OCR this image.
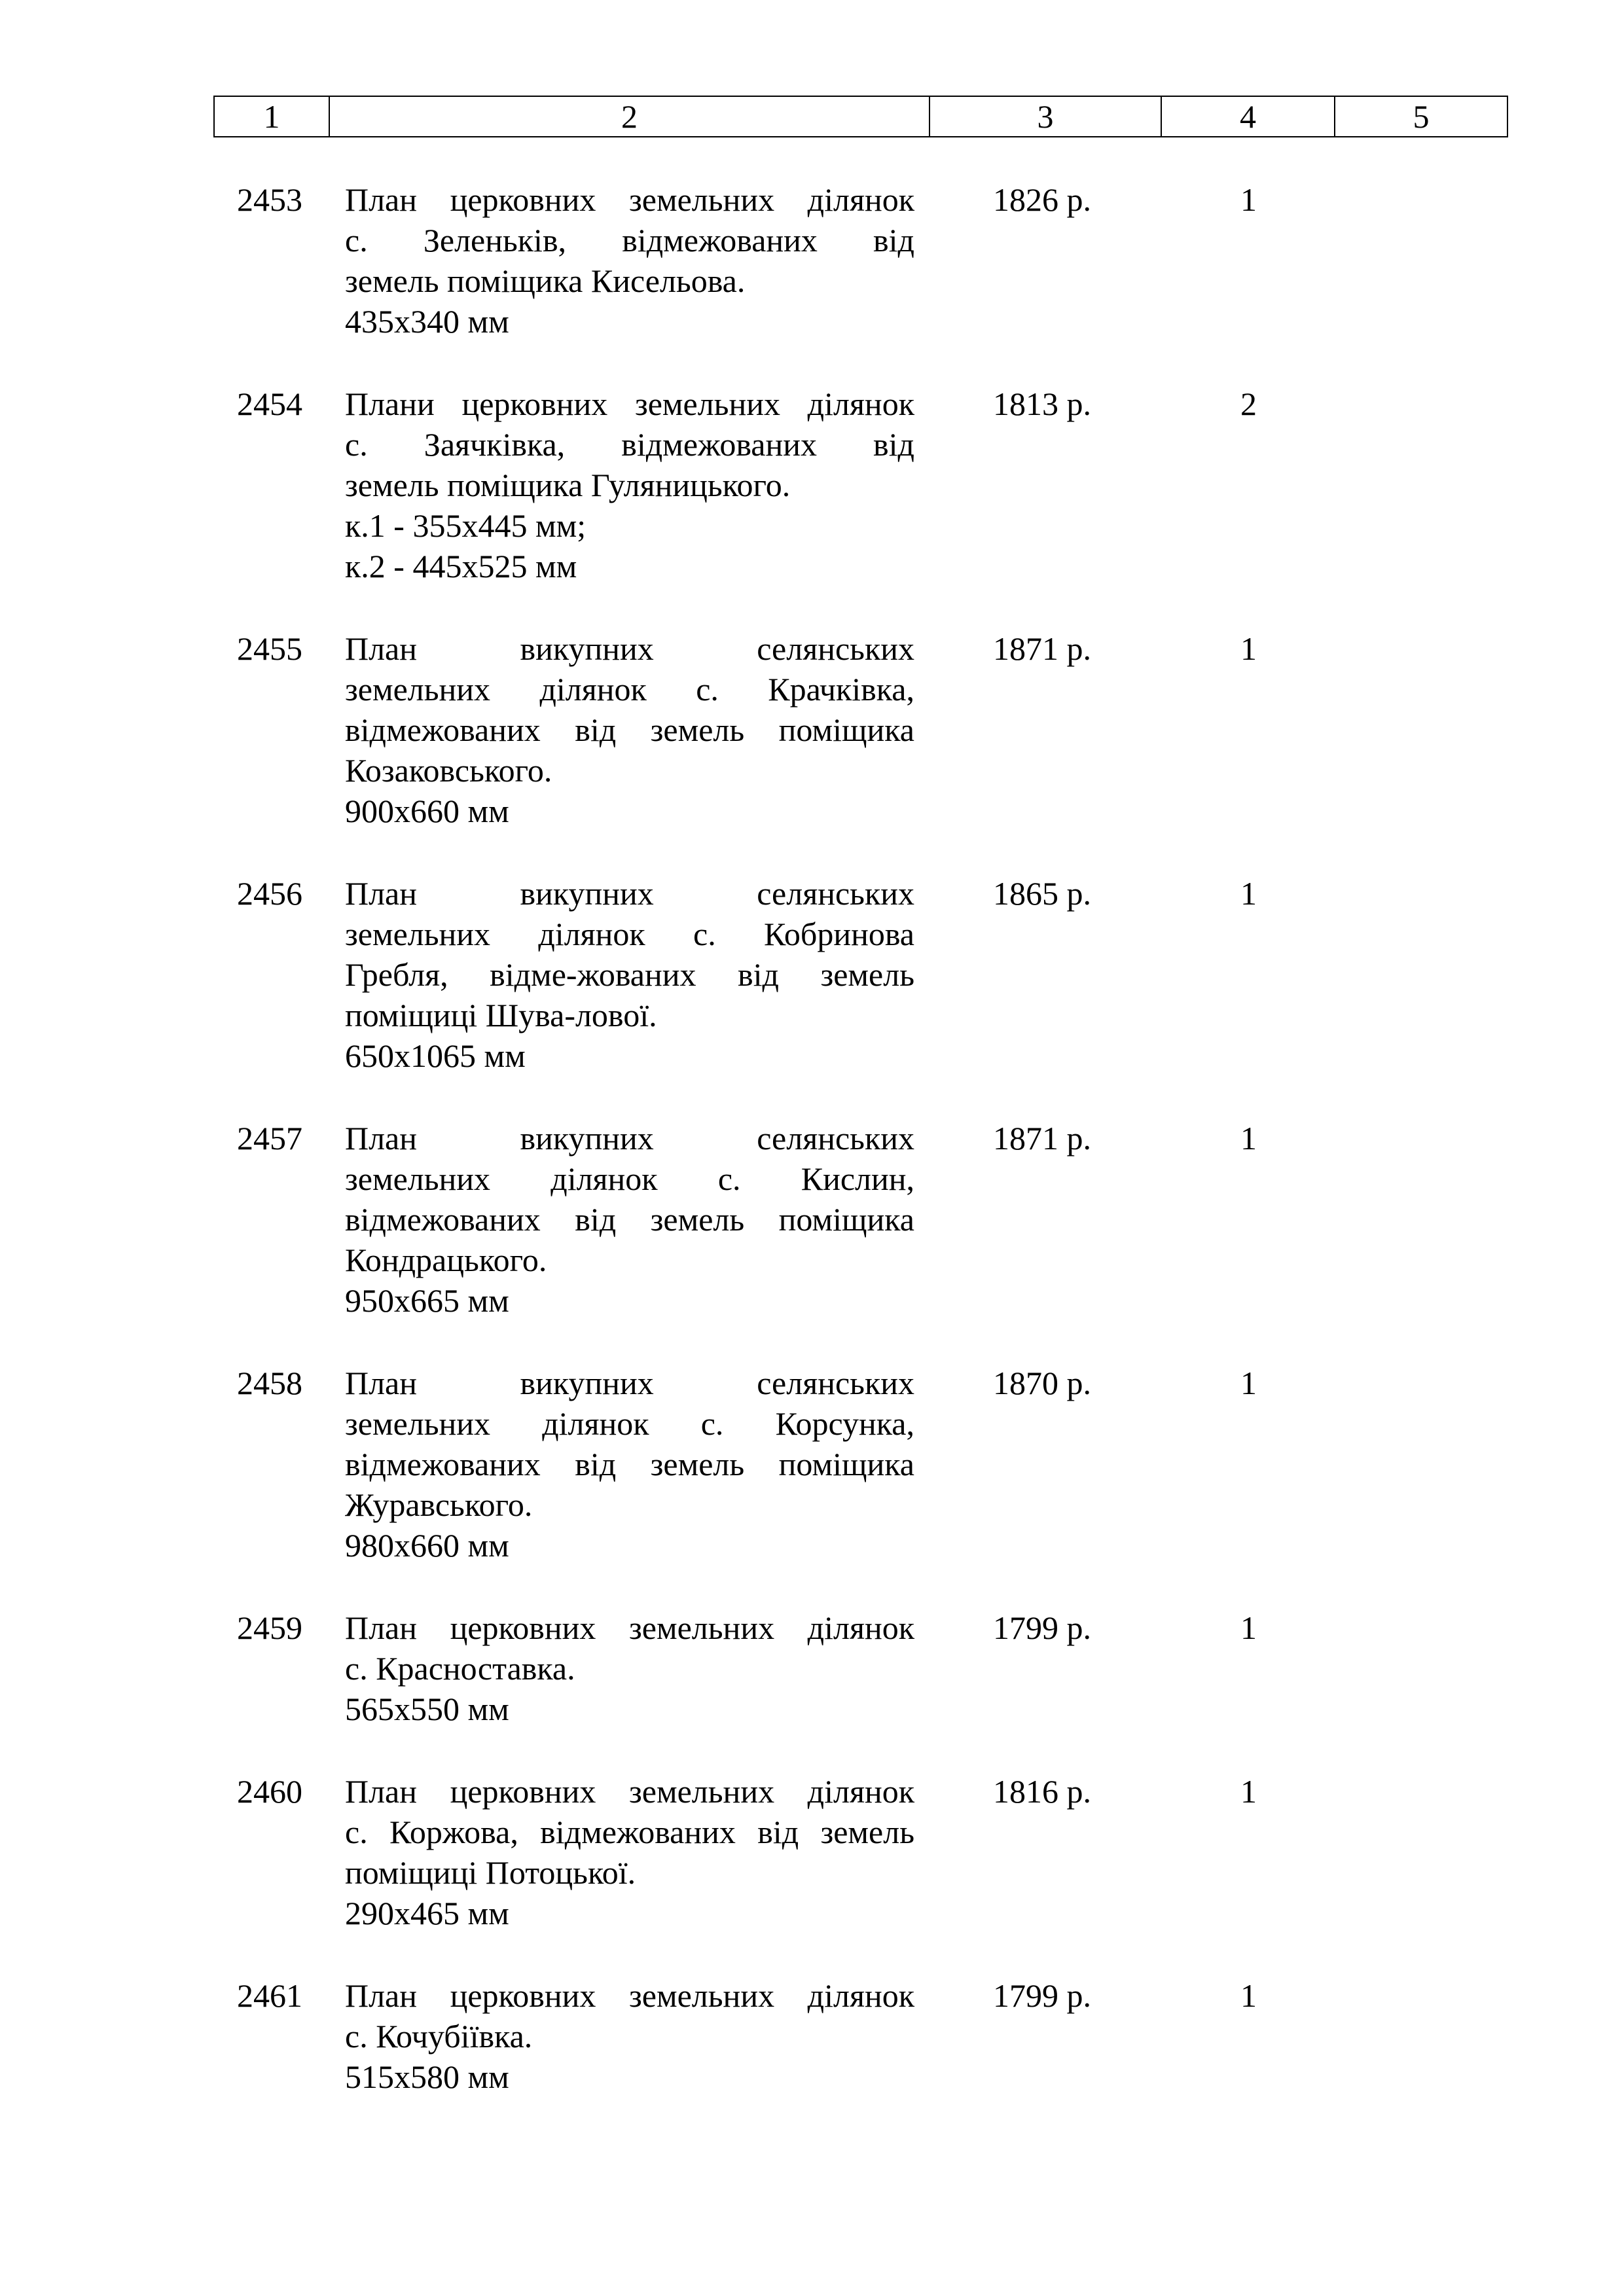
1	2	3	4	5
2453 План церковних земельних ділянок
с. Зеленьків, відмежованих від
земель поміщика Кисельова.
435х340 мм
1826 р.	1
2454 Плани церковних земельних ділянок
с. Заячківка, відмежованих від
земель поміщика Гуляницького.
к.1 - 355х445 мм;
к.2 - 445х525 мм
1813 р.	2
2455 План викупних селянських
земельних ділянок с. Крачківка,
відмежованих від земель поміщика
Козаковського.
900х660 мм
1871 р.	1
2456 План викупних селянських
земельних ділянок с. Кобринова
Гребля, відме-жованих від земель
поміщиці Шува-лової.
650х1065 мм
1865 р.	1
2457 План викупних селянських
земельних ділянок с. Кислин,
відмежованих від земель поміщика
Кондрацького.
950х665 мм
1871 р.	1
2458 План викупних селянських
земельних ділянок с. Корсунка,
відмежованих від земель поміщика
Журавського.
980х660 мм
1870 р.	1
2459 План церковних земельних ділянок
с. Красноставка.
565х550 мм
1799 р.	1
2460 План церковних земельних ділянок
с. Коржова, відмежованих від земель
поміщиці Потоцької.
290х465 мм
1816 р.	1
2461 План церковних земельних ділянок
с. Кочубіївка.
515х580 мм
1799 р.	1
